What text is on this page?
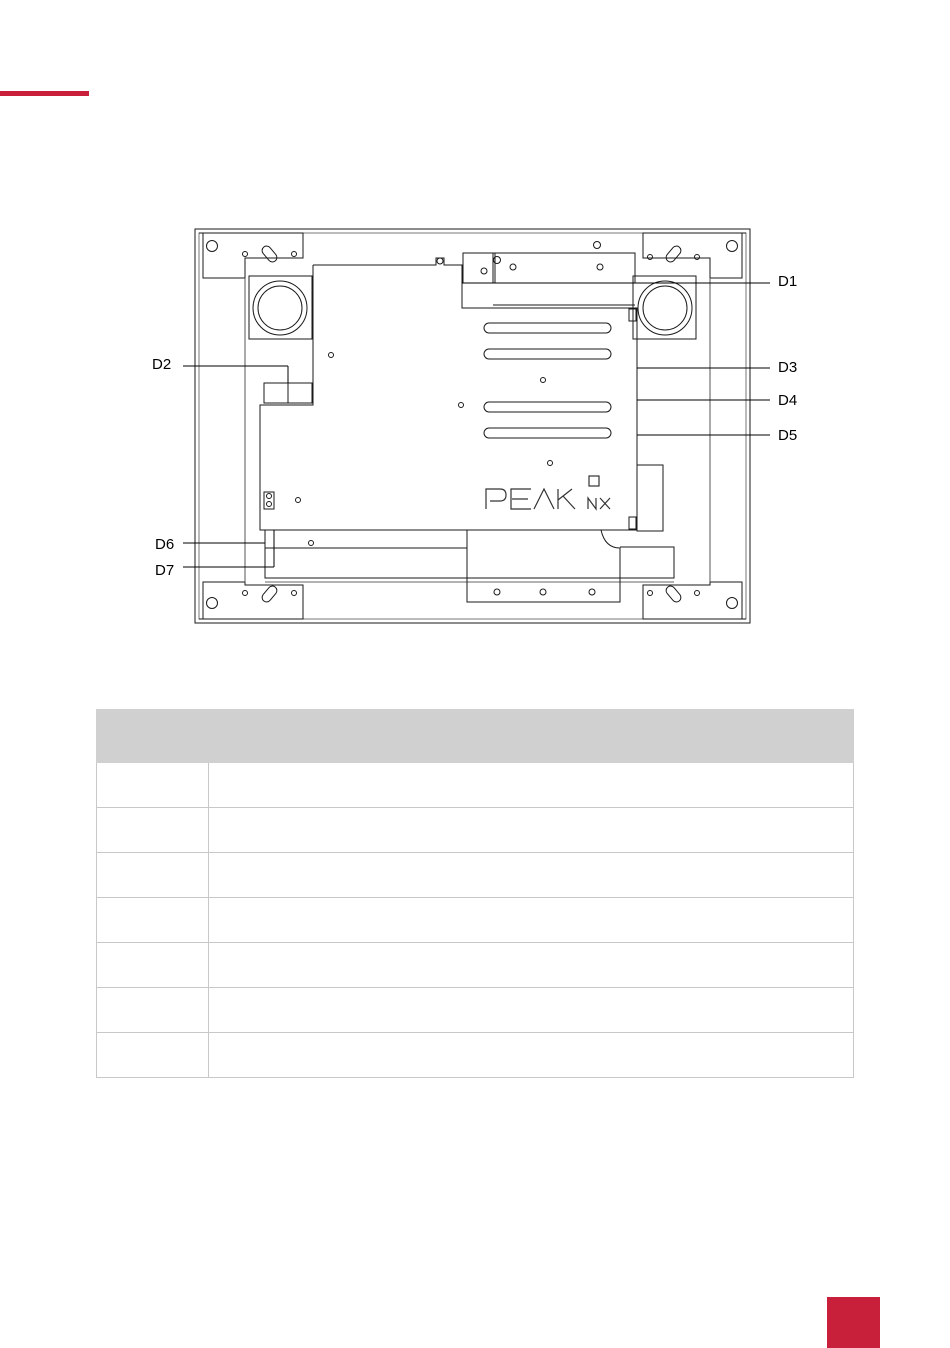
D1
D2	D3
D4
D5
D6
D7
